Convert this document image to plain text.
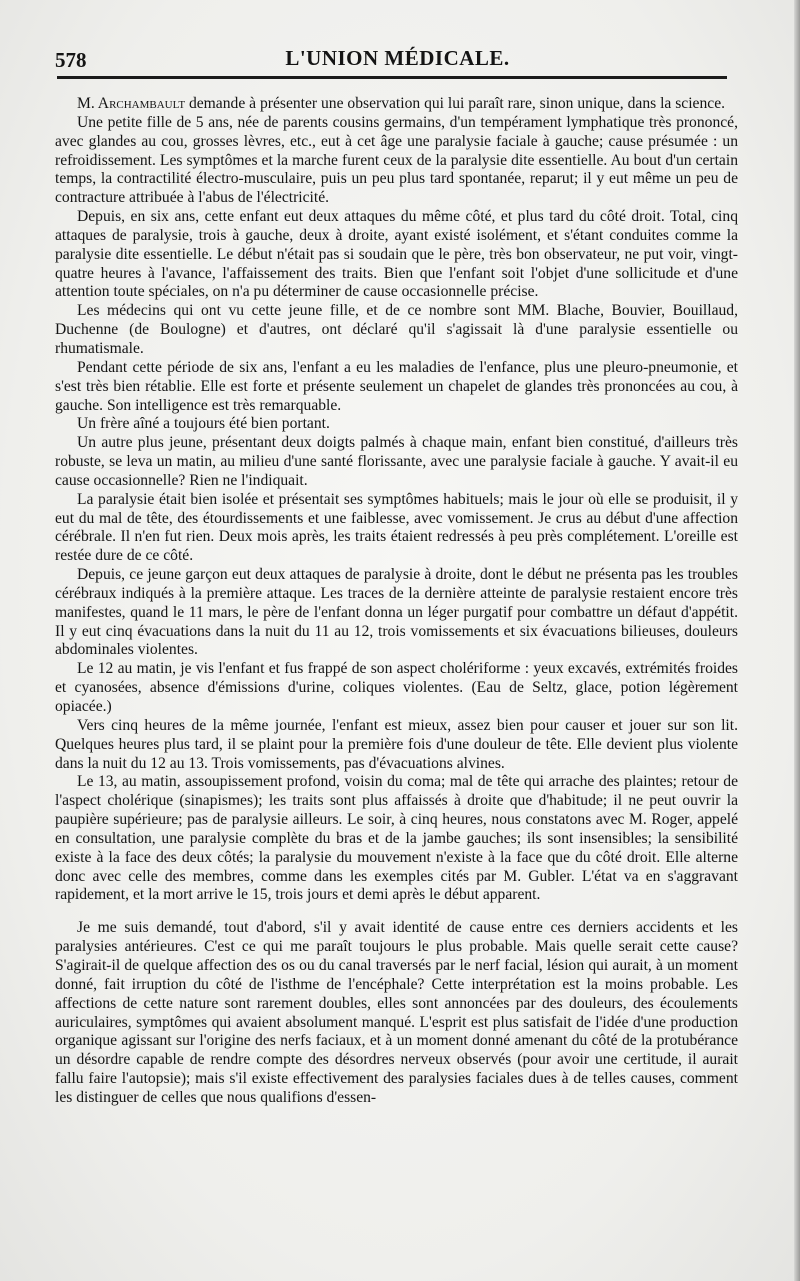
578	L'UNION MÉDICALE.

M. Archambault demande à présenter une observation qui lui paraît rare, sinon unique, dans la science.

Une petite fille de 5 ans, née de parents cousins germains, d'un tempérament lymphatique très prononcé, avec glandes au cou, grosses lèvres, etc., eut à cet âge une paralysie faciale à gauche; cause présumée : un refroidissement. Les symptômes et la marche furent ceux de la paralysie dite essentielle. Au bout d'un certain temps, la contractilité électro-musculaire, puis un peu plus tard spontanée, reparut; il y eut même un peu de contracture attribuée à l'abus de l'électricité.

Depuis, en six ans, cette enfant eut deux attaques du même côté, et plus tard du côté droit. Total, cinq attaques de paralysie, trois à gauche, deux à droite, ayant existé isolément, et s'étant conduites comme la paralysie dite essentielle. Le début n'était pas si soudain que le père, très bon observateur, ne put voir, vingt-quatre heures à l'avance, l'affaissement des traits. Bien que l'enfant soit l'objet d'une sollicitude et d'une attention toute spéciales, on n'a pu déterminer de cause occasionnelle précise.

Les médecins qui ont vu cette jeune fille, et de ce nombre sont MM. Blache, Bouvier, Bouillaud, Duchenne (de Boulogne) et d'autres, ont déclaré qu'il s'agissait là d'une paralysie essentielle ou rhumatismale.

Pendant cette période de six ans, l'enfant a eu les maladies de l'enfance, plus une pleuro-pneumonie, et s'est très bien rétablie. Elle est forte et présente seulement un chapelet de glandes très prononcées au cou, à gauche. Son intelligence est très remarquable.

Un frère aîné a toujours été bien portant.

Un autre plus jeune, présentant deux doigts palmés à chaque main, enfant bien constitué, d'ailleurs très robuste, se leva un matin, au milieu d'une santé florissante, avec une paralysie faciale à gauche. Y avait-il eu cause occasionnelle? Rien ne l'indiquait.

La paralysie était bien isolée et présentait ses symptômes habituels; mais le jour où elle se produisit, il y eut du mal de tête, des étourdissements et une faiblesse, avec vomissement. Je crus au début d'une affection cérébrale. Il n'en fut rien. Deux mois après, les traits étaient redressés à peu près complétement. L'oreille est restée dure de ce côté.

Depuis, ce jeune garçon eut deux attaques de paralysie à droite, dont le début ne présenta pas les troubles cérébraux indiqués à la première attaque. Les traces de la dernière atteinte de paralysie restaient encore très manifestes, quand le 11 mars, le père de l'enfant donna un léger purgatif pour combattre un défaut d'appétit. Il y eut cinq évacuations dans la nuit du 11 au 12, trois vomissements et six évacuations bilieuses, douleurs abdominales violentes.

Le 12 au matin, je vis l'enfant et fus frappé de son aspect cholériforme : yeux excavés, extrémités froides et cyanosées, absence d'émissions d'urine, coliques violentes. (Eau de Seltz, glace, potion légèrement opiacée.)

Vers cinq heures de la même journée, l'enfant est mieux, assez bien pour causer et jouer sur son lit. Quelques heures plus tard, il se plaint pour la première fois d'une douleur de tête. Elle devient plus violente dans la nuit du 12 au 13. Trois vomissements, pas d'évacuations alvines.

Le 13, au matin, assoupissement profond, voisin du coma; mal de tête qui arrache des plaintes; retour de l'aspect cholérique (sinapismes); les traits sont plus affaissés à droite que d'habitude; il ne peut ouvrir la paupière supérieure; pas de paralysie ailleurs. Le soir, à cinq heures, nous constatons avec M. Roger, appelé en consultation, une paralysie complète du bras et de la jambe gauches; ils sont insensibles; la sensibilité existe à la face des deux côtés; la paralysie du mouvement n'existe à la face que du côté droit. Elle alterne donc avec celle des membres, comme dans les exemples cités par M. Gubler. L'état va en s'aggravant rapidement, et la mort arrive le 15, trois jours et demi après le début apparent.

Je me suis demandé, tout d'abord, s'il y avait identité de cause entre ces derniers accidents et les paralysies antérieures. C'est ce qui me paraît toujours le plus probable. Mais quelle serait cette cause? S'agirait-il de quelque affection des os ou du canal traversés par le nerf facial, lésion qui aurait, à un moment donné, fait irruption du côté de l'isthme de l'encéphale? Cette interprétation est la moins probable. Les affections de cette nature sont rarement doubles, elles sont annoncées par des douleurs, des écoulements auriculaires, symptômes qui avaient absolument manqué. L'esprit est plus satisfait de l'idée d'une production organique agissant sur l'origine des nerfs faciaux, et à un moment donné amenant du côté de la protubérance un désordre capable de rendre compte des désordres nerveux observés (pour avoir une certitude, il aurait fallu faire l'autopsie); mais s'il existe effectivement des paralysies faciales dues à de telles causes, comment les distinguer de celles que nous qualifions d'essen-
